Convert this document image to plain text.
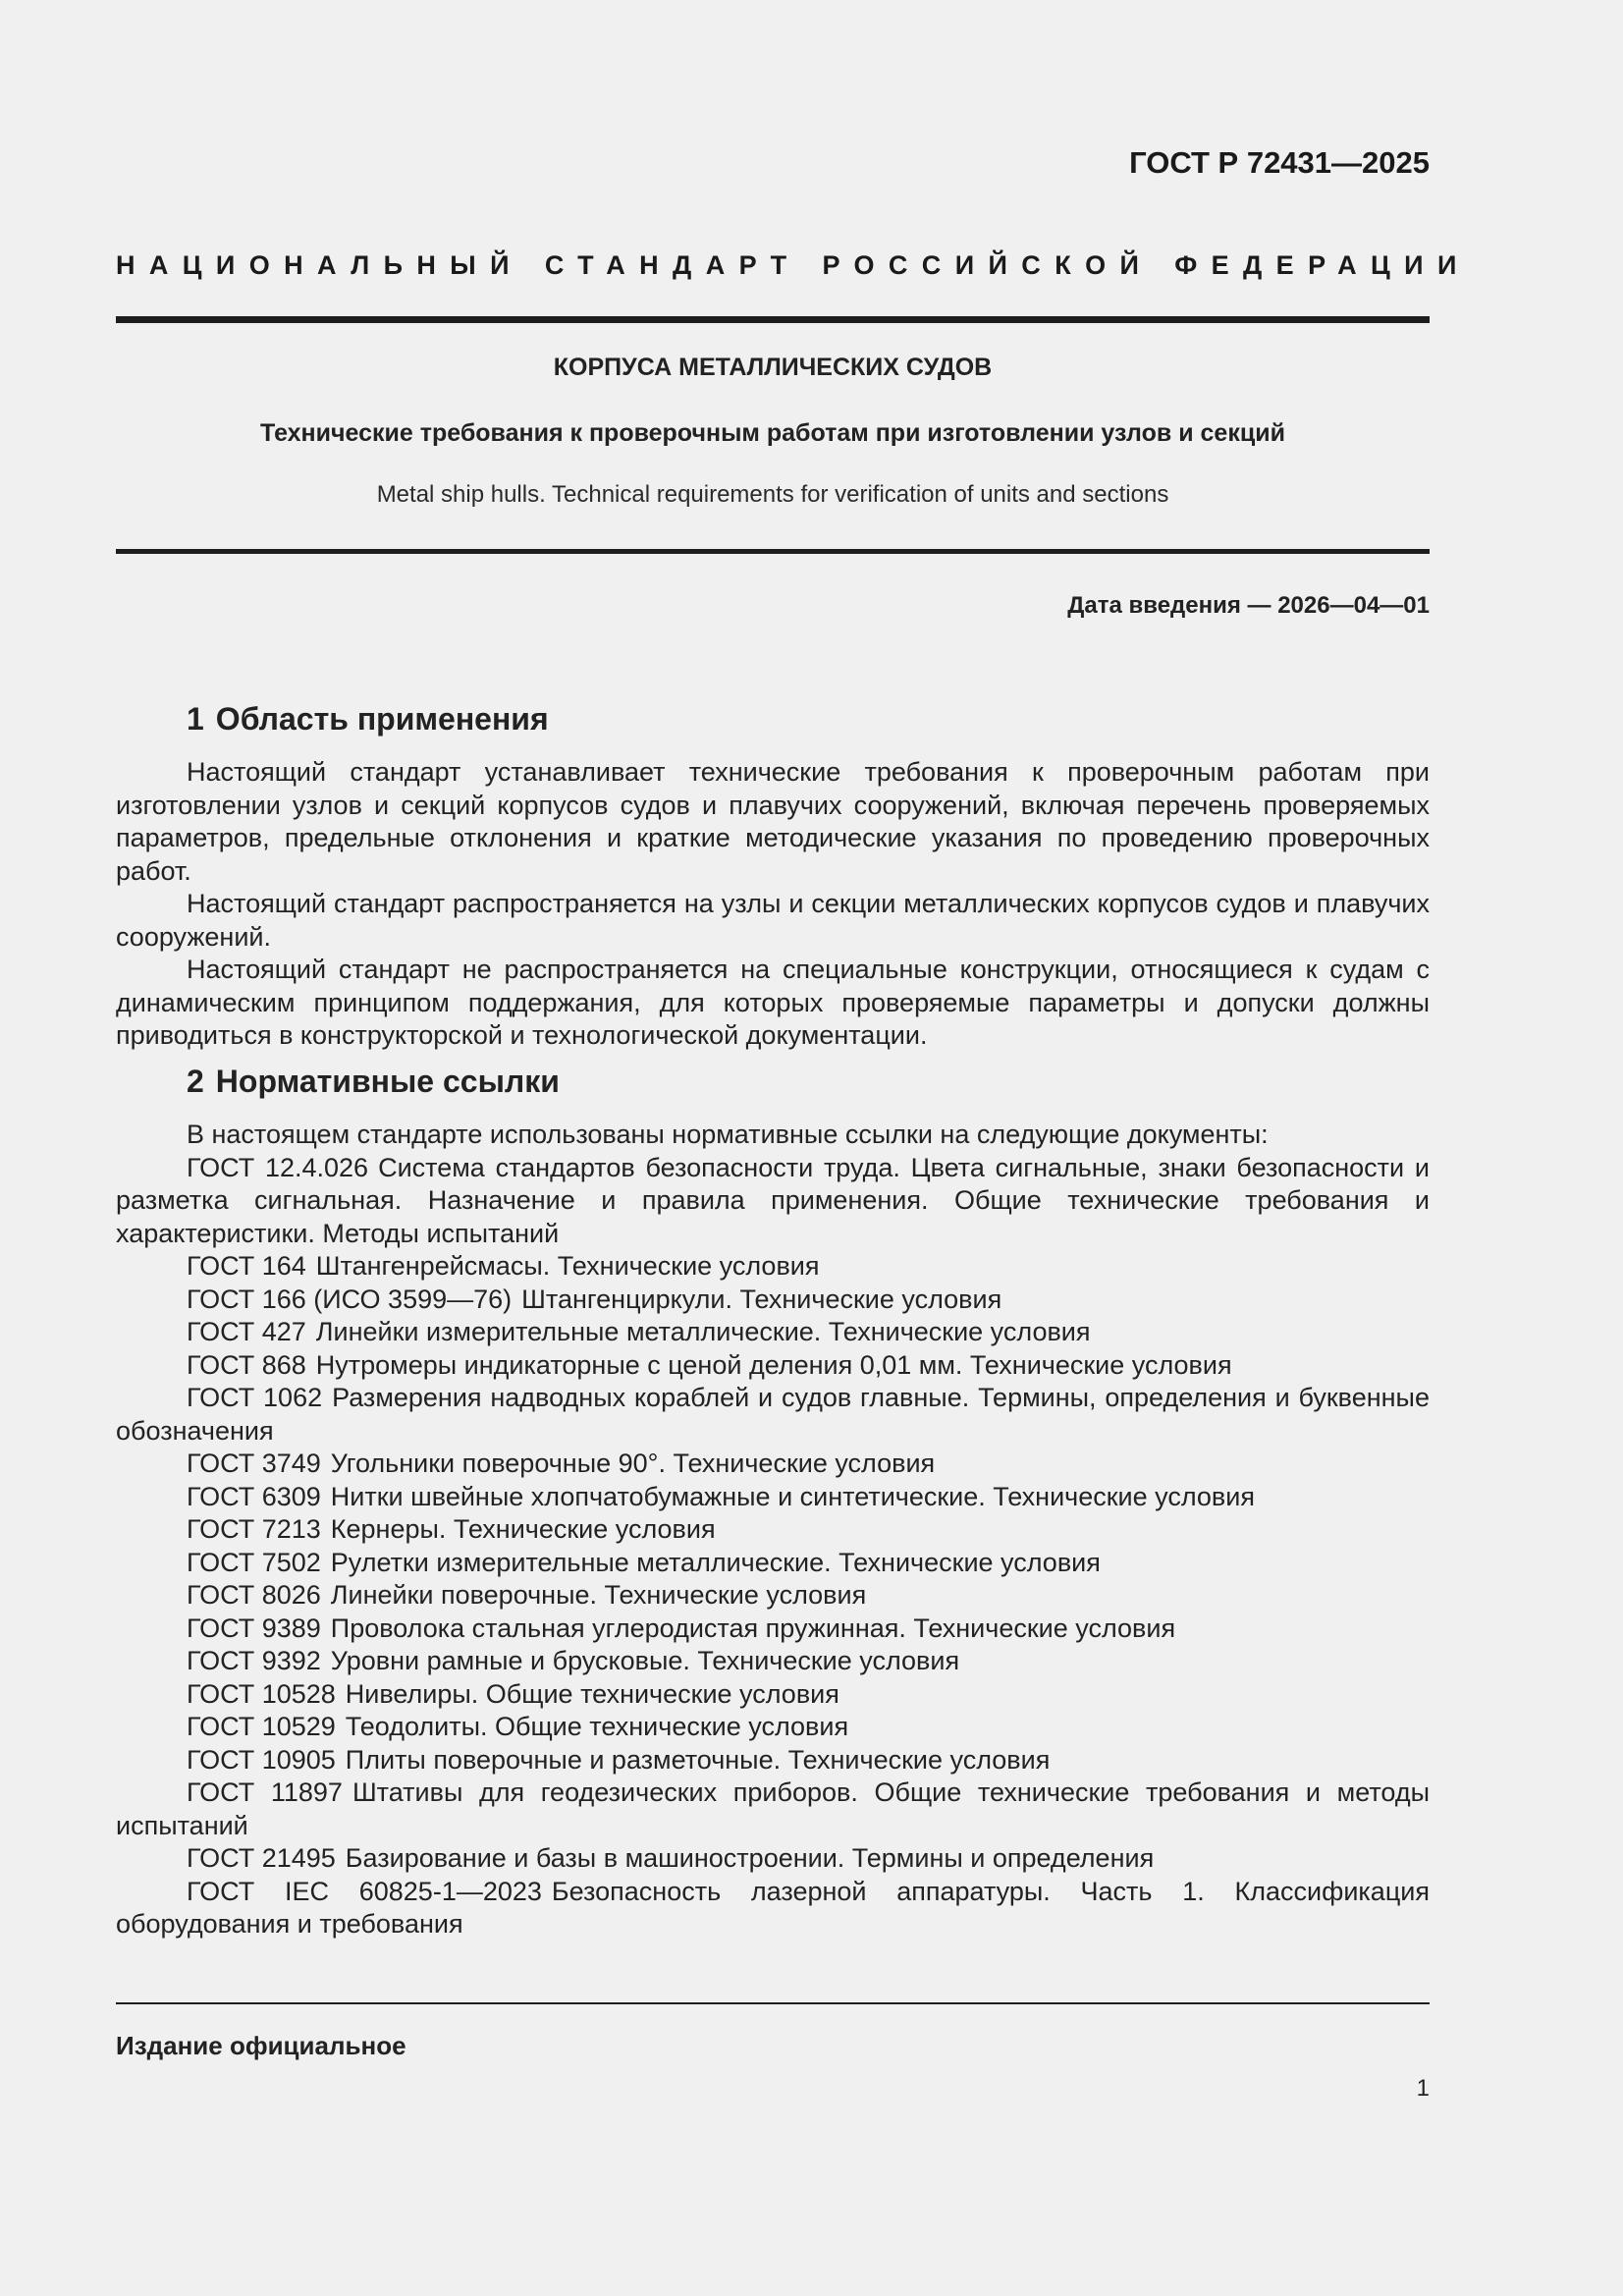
ГОСТ Р 72431—2025
НАЦИОНАЛЬНЫЙ СТАНДАРТ РОССИЙСКОЙ ФЕДЕРАЦИИ
КОРПУСА МЕТАЛЛИЧЕСКИХ СУДОВ
Технические требования к проверочным работам при изготовлении узлов и секций
Metal ship hulls. Technical requirements for verification of units and sections
Дата введения — 2026—04—01
1 Область применения

Настоящий стандарт устанавливает технические требования к проверочным работам при изготовлении узлов и секций корпусов судов и плавучих сооружений, включая перечень проверяемых параметров, предельные отклонения и краткие методические указания по проведению проверочных работ.

Настоящий стандарт распространяется на узлы и секции металлических корпусов судов и плавучих сооружений.

Настоящий стандарт не распространяется на специальные конструкции, относящиеся к судам с динамическим принципом поддержания, для которых проверяемые параметры и допуски должны приводиться в конструкторской и технологической документации.

2 Нормативные ссылки

В настоящем стандарте использованы нормативные ссылки на следующие документы:

ГОСТ 12.4.026 Система стандартов безопасности труда. Цвета сигнальные, знаки безопасности и разметка сигнальная. Назначение и правила применения. Общие технические требования и характеристики. Методы испытаний

ГОСТ 164 Штангенрейсмасы. Технические условия

ГОСТ 166 (ИСО 3599—76) Штангенциркули. Технические условия

ГОСТ 427 Линейки измерительные металлические. Технические условия

ГОСТ 868 Нутромеры индикаторные с ценой деления 0,01 мм. Технические условия

ГОСТ 1062 Размерения надводных кораблей и судов главные. Термины, определения и буквенные обозначения

ГОСТ 3749 Угольники поверочные 90°. Технические условия

ГОСТ 6309 Нитки швейные хлопчатобумажные и синтетические. Технические условия

ГОСТ 7213 Кернеры. Технические условия

ГОСТ 7502 Рулетки измерительные металлические. Технические условия

ГОСТ 8026 Линейки поверочные. Технические условия

ГОСТ 9389 Проволока стальная углеродистая пружинная. Технические условия

ГОСТ 9392 Уровни рамные и брусковые. Технические условия

ГОСТ 10528 Нивелиры. Общие технические условия

ГОСТ 10529 Теодолиты. Общие технические условия

ГОСТ 10905 Плиты поверочные и разметочные. Технические условия

ГОСТ 11897 Штативы для геодезических приборов. Общие технические требования и методы испытаний

ГОСТ 21495 Базирование и базы в машиностроении. Термины и определения

ГОСТ IEC 60825-1—2023 Безопасность лазерной аппаратуры. Часть 1. Классификация оборудования и требования

Издание официальное
1
